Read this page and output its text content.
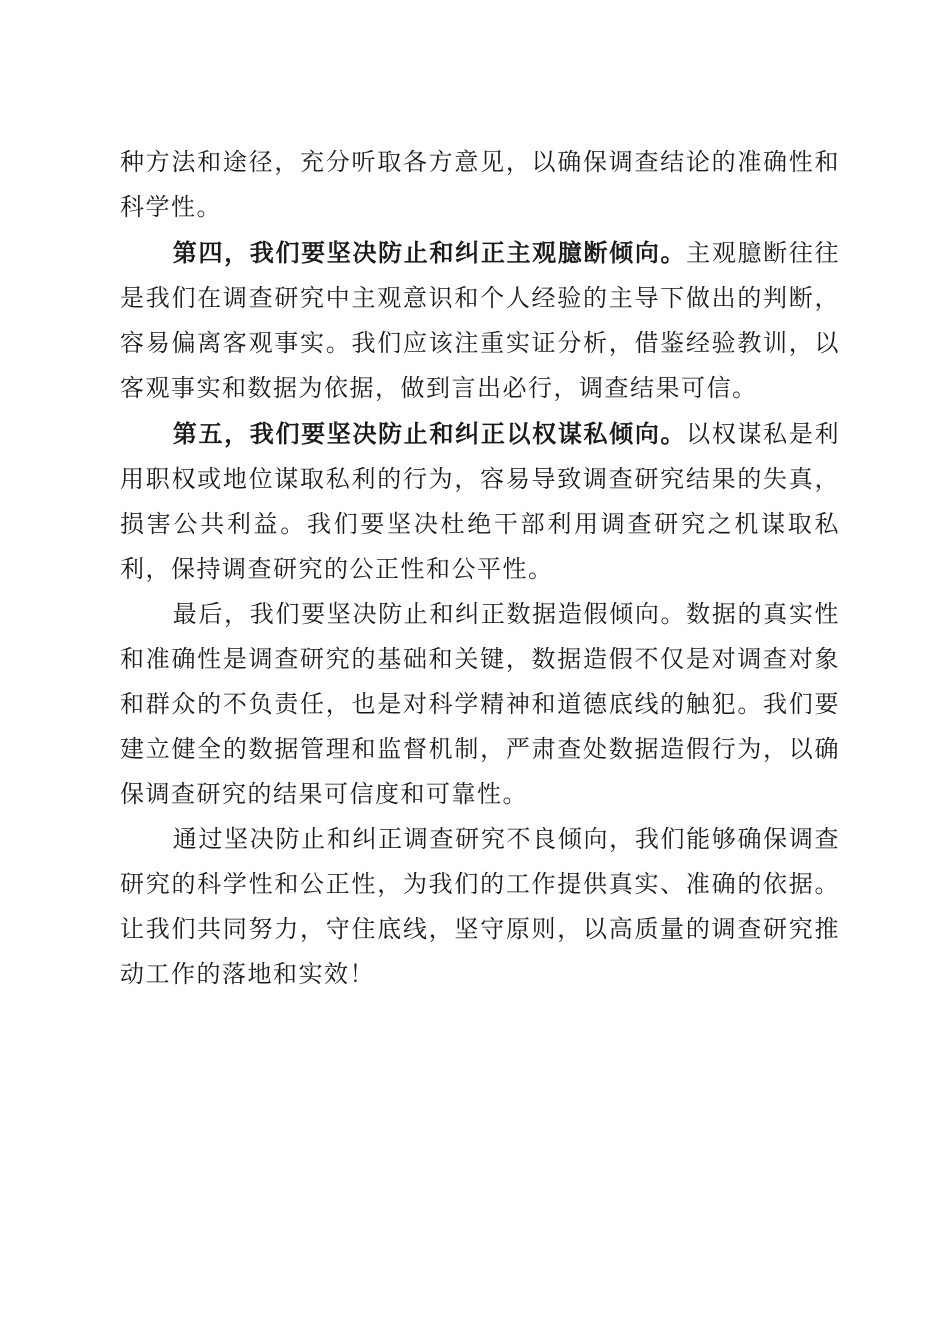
种方法和途径，充分听取各方意见，以确保调查结论的准确性和科学性。

第四，我们要坚决防止和纠正主观臆断倾向。主观臆断往往是我们在调查研究中主观意识和个人经验的主导下做出的判断，容易偏离客观事实。我们应该注重实证分析，借鉴经验教训，以客观事实和数据为依据，做到言出必行，调查结果可信。

第五，我们要坚决防止和纠正以权谋私倾向。以权谋私是利用职权或地位谋取私利的行为，容易导致调查研究结果的失真，损害公共利益。我们要坚决杜绝干部利用调查研究之机谋取私利，保持调查研究的公正性和公平性。

最后，我们要坚决防止和纠正数据造假倾向。数据的真实性和准确性是调查研究的基础和关键，数据造假不仅是对调查对象和群众的不负责任，也是对科学精神和道德底线的触犯。我们要建立健全的数据管理和监督机制，严肃查处数据造假行为，以确保调查研究的结果可信度和可靠性。

通过坚决防止和纠正调查研究不良倾向，我们能够确保调查研究的科学性和公正性，为我们的工作提供真实、准确的依据。让我们共同努力，守住底线，坚守原则，以高质量的调查研究推动工作的落地和实效！
